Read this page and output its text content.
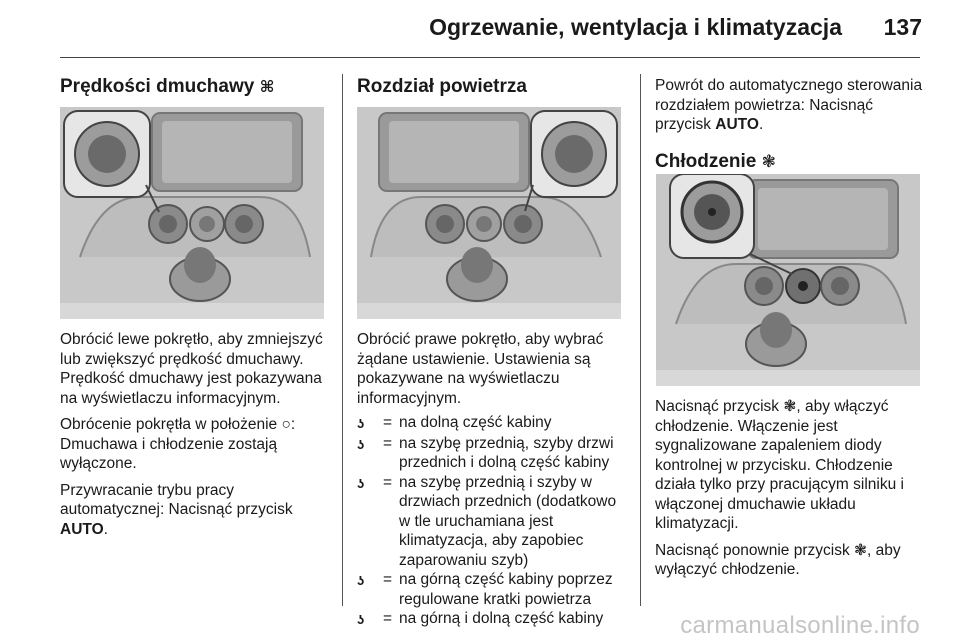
Ogrzewanie, wentylacja i klimatyzacja 137
Prędkości dmuchawy ⌘

Obrócić lewe pokrętło, aby zmniejszyć lub zwiększyć prędkość dmuchawy. Prędkość dmuchawy jest pokazywana na wyświetlaczu informacyjnym.

Obrócenie pokrętła w położenie ○: Dmuchawa i chłodzenie zostają wyłączone.

Przywracanie trybu pracy automatycznej: Nacisnąć przycisk AUTO.

Rozdział powietrza

Obrócić prawe pokrętło, aby wybrać żądane ustawienie. Ustawienia są pokazywane na wyświetlaczu informacyjnym.

ʖ	= na dolną część kabiny
ʖ	= na szybę przednią, szyby drzwi przednich i dolną część kabiny
ʖ	= na szybę przednią i szyby w drzwiach przednich (dodatkowo w tle uruchamiana jest klimatyzacja, aby zapobiec zaparowaniu szyb)
ʖ	= na górną część kabiny poprzez regulowane kratki powietrza
ʖ	= na górną i dolną część kabiny

Powrót do automatycznego sterowania rozdziałem powietrza: Nacisnąć przycisk AUTO.

Chłodzenie ❃

Nacisnąć przycisk ❃, aby włączyć chłodzenie. Włączenie jest sygnalizowane zapaleniem diody kontrolnej w przycisku. Chłodzenie działa tylko przy pracującym silniku i włączonej dmuchawie układu klimatyzacji.

Nacisnąć ponownie przycisk ❃, aby wyłączyć chłodzenie.

carmanualsonline.info
